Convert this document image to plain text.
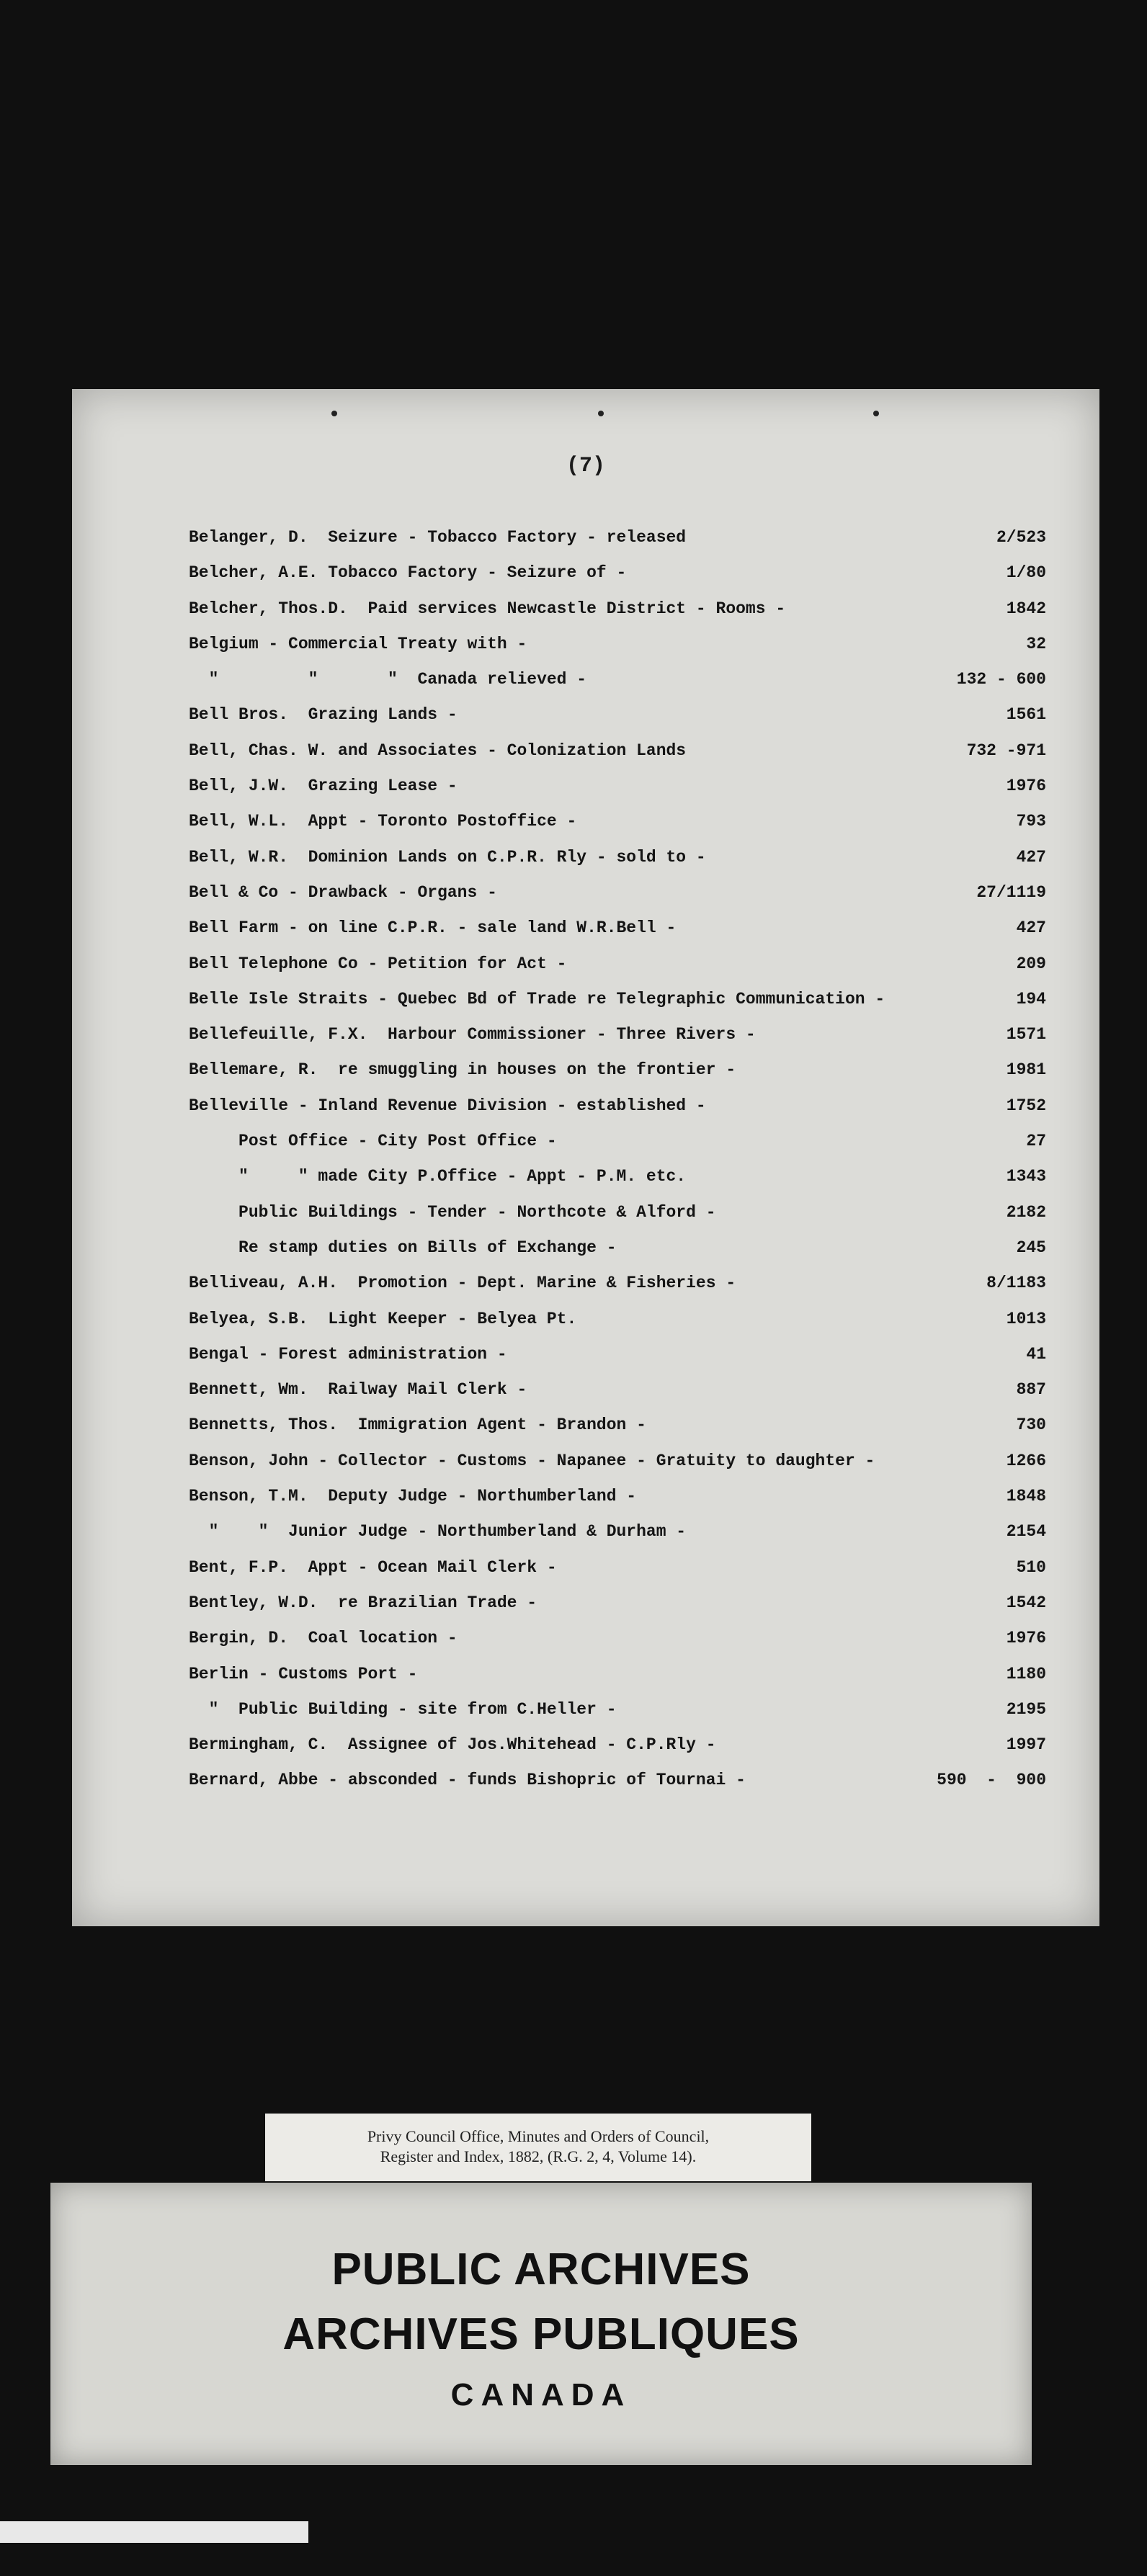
(7)
Belanger, D.  Seizure - Tobacco Factory - released	2/523
Belcher, A.E. Tobacco Factory - Seizure of -	1/80
Belcher, Thos.D.  Paid services Newcastle District - Rooms -	1842
Belgium - Commercial Treaty with -	32
"         "       "  Canada relieved -	132 - 600
Bell Bros.  Grazing Lands -	1561
Bell, Chas. W. and Associates - Colonization Lands	732 -971
Bell, J.W.  Grazing Lease -	1976
Bell, W.L.  Appt - Toronto Postoffice -	793
Bell, W.R.  Dominion Lands on C.P.R. Rly - sold to -	427
Bell & Co - Drawback - Organs -	27/1119
Bell Farm - on line C.P.R. - sale land W.R.Bell -	427
Bell Telephone Co - Petition for Act -	209
Belle Isle Straits - Quebec Bd of Trade re Telegraphic Communication -	194
Bellefeuille, F.X.  Harbour Commissioner - Three Rivers -	1571
Bellemare, R.  re smuggling in houses on the frontier -	1981
Belleville - Inland Revenue Division - established -	1752
Post Office - City Post Office -	27
"     " made City P.Office - Appt - P.M. etc.	1343
Public Buildings - Tender - Northcote & Alford -	2182
Re stamp duties on Bills of Exchange -	245
Belliveau, A.H.  Promotion - Dept. Marine & Fisheries -	8/1183
Belyea, S.B.  Light Keeper - Belyea Pt.	1013
Bengal - Forest administration -	41
Bennett, Wm.  Railway Mail Clerk -	887
Bennetts, Thos.  Immigration Agent - Brandon -	730
Benson, John - Collector - Customs - Napanee - Gratuity to daughter -	1266
Benson, T.M.  Deputy Judge - Northumberland -	1848
"    "  Junior Judge - Northumberland & Durham -	2154
Bent, F.P.  Appt - Ocean Mail Clerk -	510
Bentley, W.D.  re Brazilian Trade -	1542
Bergin, D.  Coal location -	1976
Berlin - Customs Port -	1180
"  Public Building - site from C.Heller -	2195
Bermingham, C.  Assignee of Jos.Whitehead - C.P.Rly -	1997
Bernard, Abbe - absconded - funds Bishopric of Tournai -	590  -  900
Privy Council Office, Minutes and Orders of Council,
Register and Index, 1882, (R.G. 2, 4, Volume 14).
PUBLIC ARCHIVES
ARCHIVES PUBLIQUES
CANADA
